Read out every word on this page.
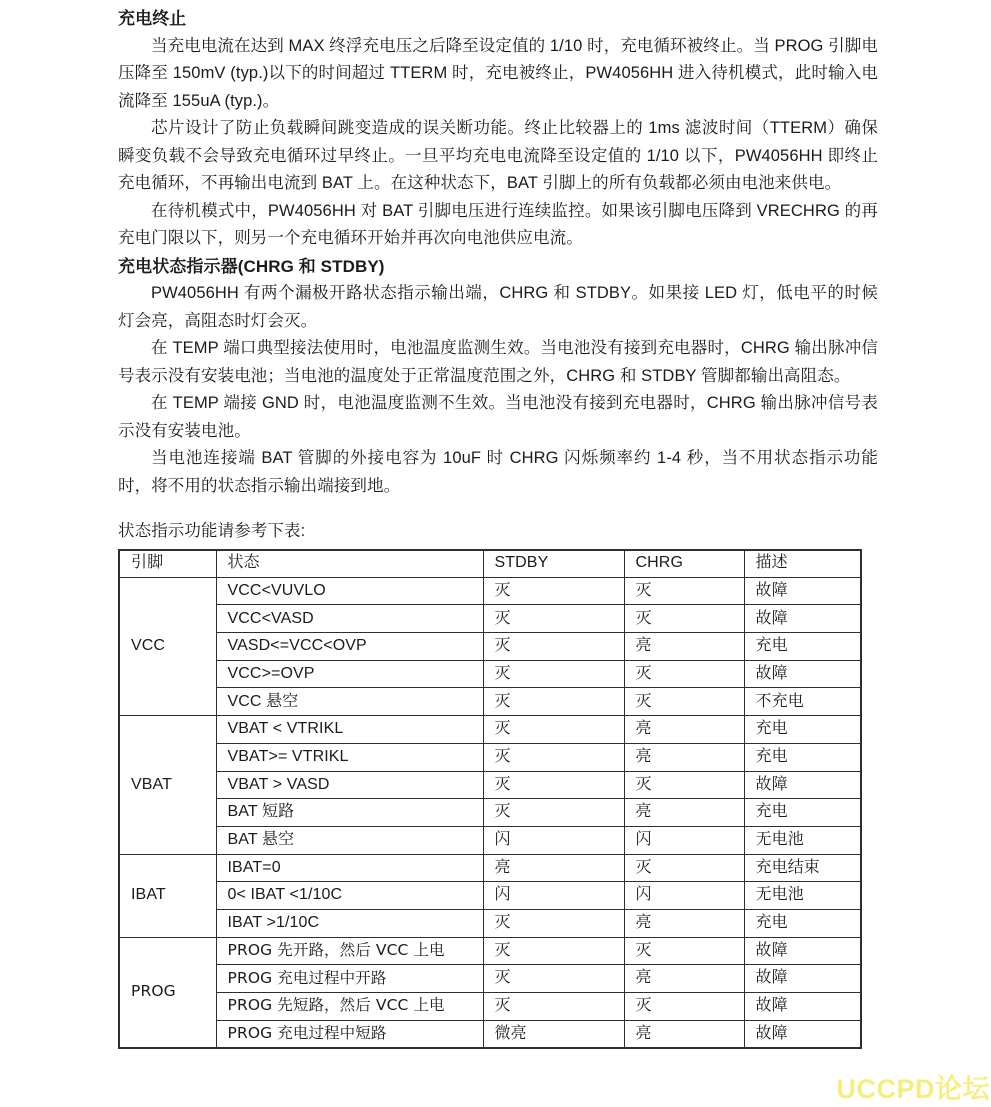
充电终止

当充电电流在达到 MAX 终浮充电压之后降至设定值的 1/10 时，充电循环被终止。当 PROG 引脚电压降至 150mV (typ.)以下的时间超过 TTERM 时，充电被终止，PW4056HH 进入待机模式，此时输入电流降至 155uA (typ.)。

芯片设计了防止负载瞬间跳变造成的误关断功能。终止比较器上的 1ms 滤波时间（TTERM）确保瞬变负载不会导致充电循环过早终止。一旦平均充电电流降至设定值的 1/10 以下，PW4056HH 即终止充电循环，不再输出电流到 BAT 上。在这种状态下，BAT 引脚上的所有负载都必须由电池来供电。

在待机模式中，PW4056HH 对 BAT 引脚电压进行连续监控。如果该引脚电压降到 VRECHRG 的再充电门限以下，则另一个充电循环开始并再次向电池供应电流。

充电状态指示器(CHRG 和 STDBY)

PW4056HH 有两个漏极开路状态指示输出端，CHRG 和 STDBY。如果接 LED 灯，低电平的时候灯会亮，高阻态时灯会灭。

在 TEMP 端口典型接法使用时，电池温度监测生效。当电池没有接到充电器时，CHRG 输出脉冲信号表示没有安装电池；当电池的温度处于正常温度范围之外，CHRG 和 STDBY 管脚都输出高阻态。

在 TEMP 端接 GND 时，电池温度监测不生效。当电池没有接到充电器时，CHRG 输出脉冲信号表示没有安装电池。

当电池连接端 BAT 管脚的外接电容为 10uF 时 CHRG 闪烁频率约 1-4 秒，当不用状态指示功能时，将不用的状态指示输出端接到地。

状态指示功能请参考下表:
引脚	状态	STDBY	CHRG	描述
VCC	VCC<VUVLO	灭	灭	故障
	VCC<VASD	灭	灭	故障
	VASD<=VCC<OVP	灭	亮	充电
	VCC>=OVP	灭	灭	故障
	VCC 悬空	灭	灭	不充电
VBAT	VBAT < VTRIKL	灭	亮	充电
	VBAT>= VTRIKL	灭	亮	充电
	VBAT > VASD	灭	灭	故障
	BAT 短路	灭	亮	充电
	BAT 悬空	闪	闪	无电池
IBAT	IBAT=0	亮	灭	充电结束
	0< IBAT <1/10C	闪	闪	无电池
	IBAT >1/10C	灭	亮	充电
PROG	PROG 先开路，然后 VCC 上电	灭	灭	故障
	PROG 充电过程中开路	灭	亮	故障
	PROG 先短路，然后 VCC 上电	灭	灭	故障
	PROG 充电过程中短路	微亮	亮	故障
UCCPD论坛
